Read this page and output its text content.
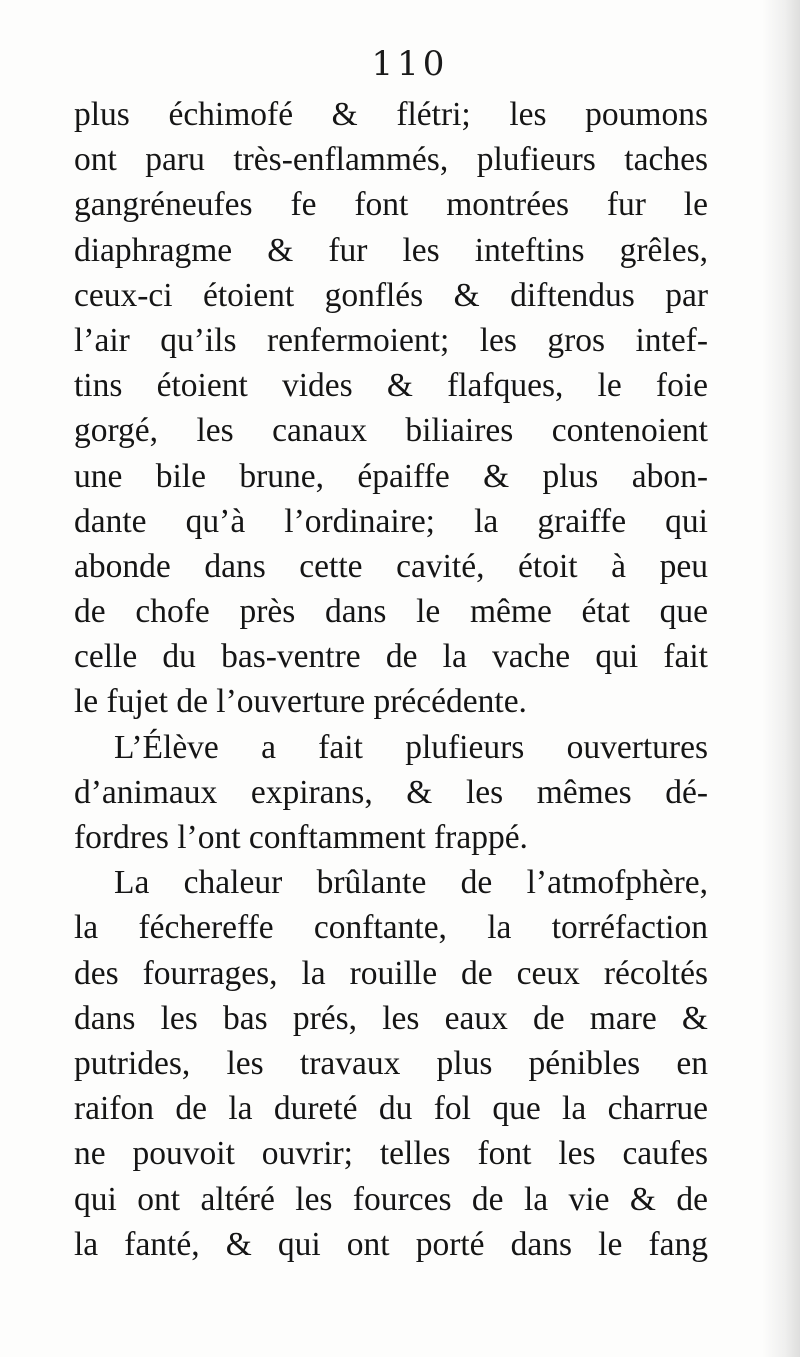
110
plus échimofé & flétri; les poumons
ont paru très-enflammés, plufieurs taches
gangréneufes fe font montrées fur le
diaphragme & fur les inteftins grêles,
ceux-ci étoient gonflés & diftendus par
l’air qu’ils renfermoient; les gros intef-
tins étoient vides & flafques, le foie
gorgé, les canaux biliaires contenoient
une bile brune, épaiffe & plus abon-
dante qu’à l’ordinaire; la graiffe qui
abonde dans cette cavité, étoit à peu
de chofe près dans le même état que
celle du bas-ventre de la vache qui fait
le fujet de l’ouverture précédente.
L’Élève a fait plufieurs ouvertures
d’animaux expirans, & les mêmes dé-
fordres l’ont conftamment frappé.
La chaleur brûlante de l’atmofphère,
la féchereffe conftante, la torréfaction
des fourrages, la rouille de ceux récoltés
dans les bas prés, les eaux de mare &
putrides, les travaux plus pénibles en
raifon de la dureté du fol que la charrue
ne pouvoit ouvrir; telles font les caufes
qui ont altéré les fources de la vie & de
la fanté, & qui ont porté dans le fang
